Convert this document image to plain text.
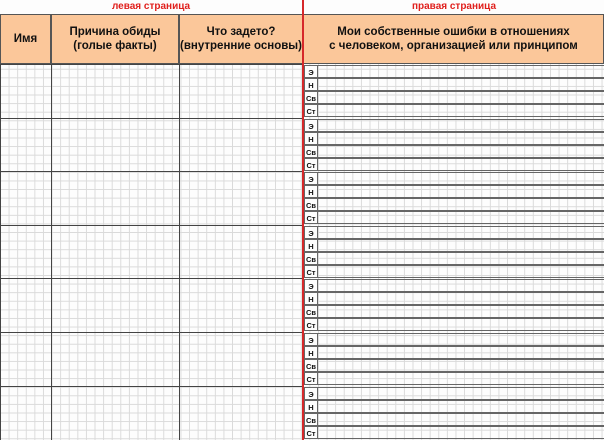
левая страница	правая страница
Имя
Причина обиды
(голые факты)
Что задето?
(внутренние основы)
Мои собственные ошибки в отношениях
с человеком, организацией или принципом
Э
Н
Св
Ст
Э
Н
Св
Ст
Э
Н
Св
Ст
Э
Н
Св
Ст
Э
Н
Св
Ст
Э
Н
Св
Ст
Э
Н
Св
Ст
